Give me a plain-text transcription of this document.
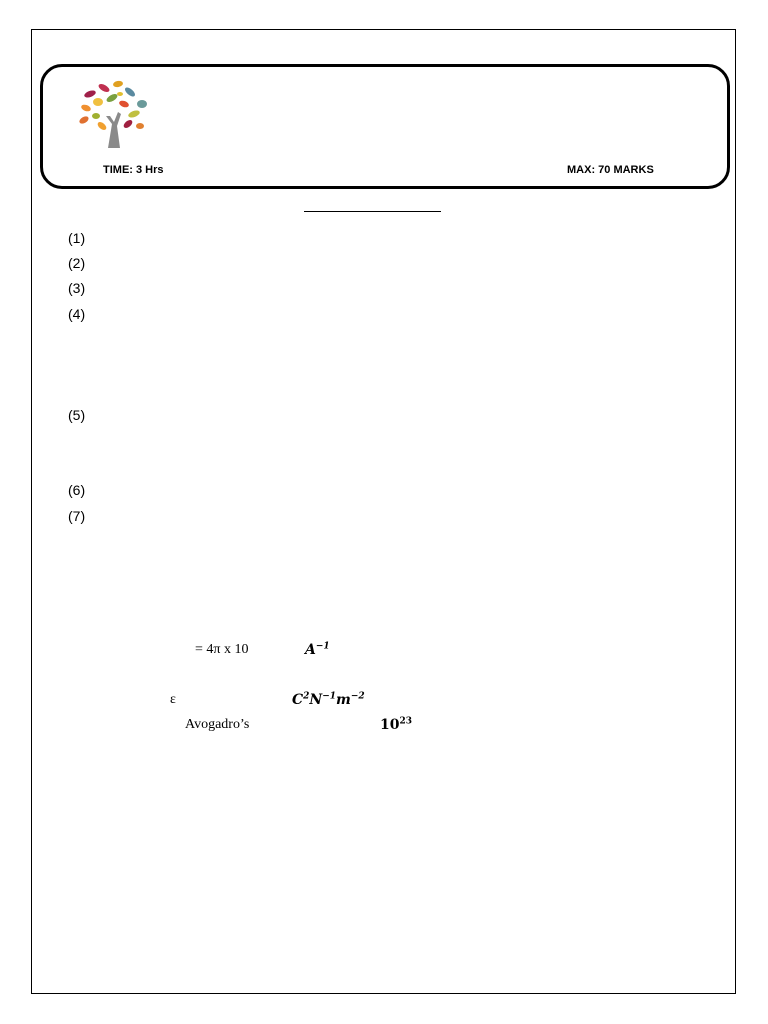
TIME: 3 Hrs	MAX: 70 MARKS
(1)
(2)
(3)
(4)
(5)
(6)
(7)
= 4π x 10	$A^{-1}$
ε	$C^2N^{-1}m^{-2}$
Avogadro’s	$10^{23}$
